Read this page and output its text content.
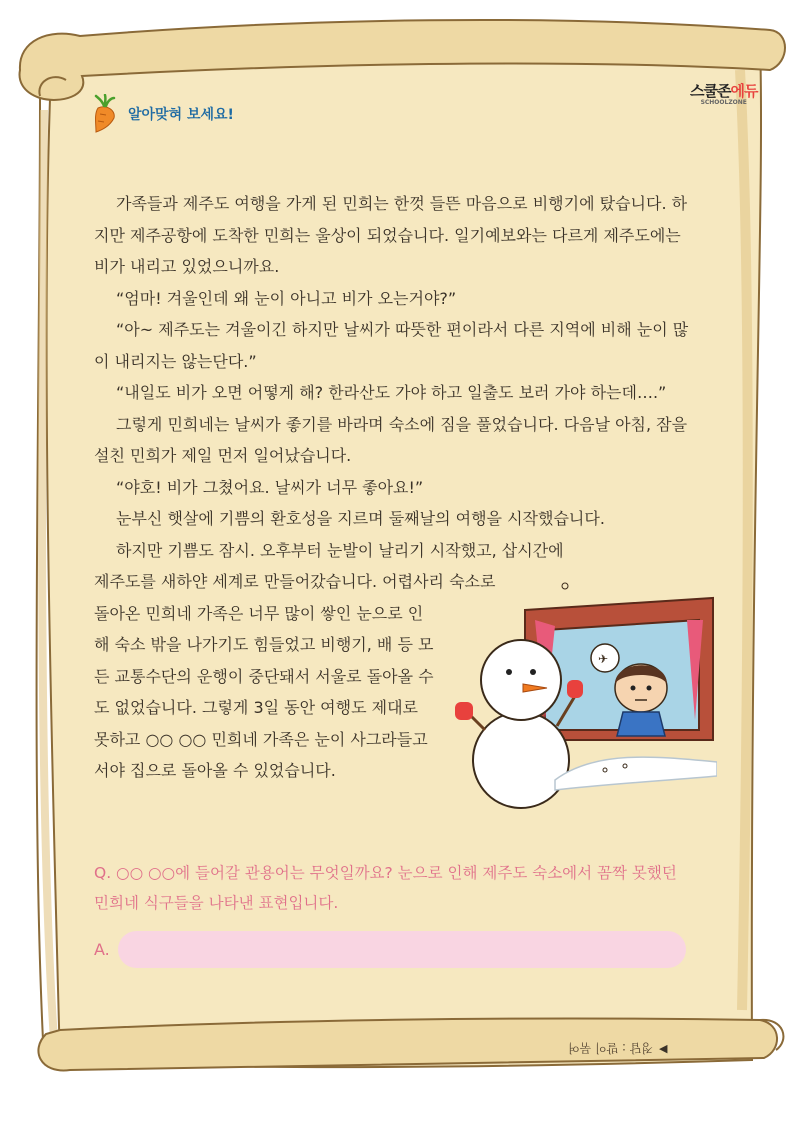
알아맞혀 보세요!
스쿨존에듀
SCHOOLZONE

가족들과 제주도 여행을 가게 된 민희는 한껏 들뜬 마음으로 비행기에 탔습니다. 하지만 제주공항에 도착한 민희는 울상이 되었습니다. 일기예보와는 다르게 제주도에는 비가 내리고 있었으니까요.

“엄마! 겨울인데 왜 눈이 아니고 비가 오는거야?”

“아~ 제주도는 겨울이긴 하지만 날씨가 따뜻한 편이라서 다른 지역에 비해 눈이 많이 내리지는 않는단다.”

“내일도 비가 오면 어떻게 해? 한라산도 가야 하고 일출도 보러 가야 하는데….”

그렇게 민희네는 날씨가 좋기를 바라며 숙소에 짐을 풀었습니다. 다음날 아침, 잠을 설친 민희가 제일 먼저 일어났습니다.

“야호! 비가 그쳤어요. 날씨가 너무 좋아요!”

눈부신 햇살에 기쁨의 환호성을 지르며 둘째날의 여행을 시작했습니다.

하지만 기쁨도 잠시. 오후부터 눈발이 날리기 시작했고, 삽시간에 제주도를 새하얀 세계로 만들어갔습니다. 어렵사리 숙소로

돌아온 민희네 가족은 너무 많이 쌓인 눈으로 인해 숙소 밖을 나가기도 힘들었고 비행기, 배 등 모든 교통수단의 운행이 중단돼서 서울로 돌아올 수도 없었습니다. 그렇게 3일 동안 여행도 제대로 못하고 ○○ ○○ 민희네 가족은 눈이 사그라들고서야 집으로 돌아올 수 있었습니다.

✈
Q. ○○ ○○에 들어갈 관용어는 무엇일까요? 눈으로 인해 제주도 숙소에서 꼼짝 못했던 민희네 식구들을 나타낸 표현입니다.
A.
정답 : 발이 묶여 ◀
